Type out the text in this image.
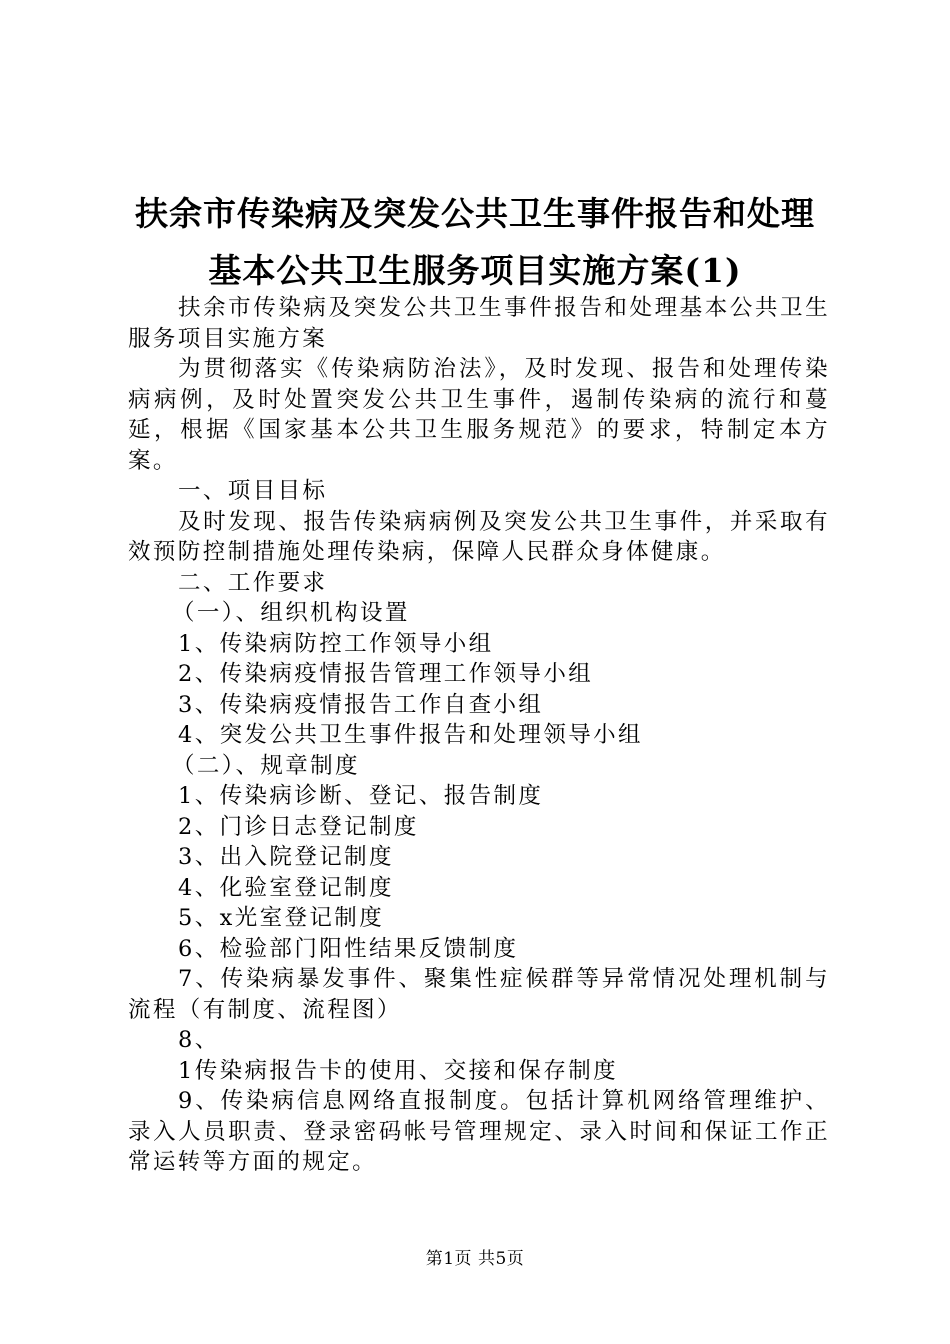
扶余市传染病及突发公共卫生事件报告和处理
基本公共卫生服务项目实施方案(1)

扶余市传染病及突发公共卫生事件报告和处理基本公共卫生服务项目实施方案

为贯彻落实《传染病防治法》，及时发现、报告和处理传染病病例，及时处置突发公共卫生事件，遏制传染病的流行和蔓延，根据《国家基本公共卫生服务规范》的要求，特制定本方案。

一、项目目标

及时发现、报告传染病病例及突发公共卫生事件，并采取有效预防控制措施处理传染病，保障人民群众身体健康。

二、工作要求

（一）、组织机构设置

1、传染病防控工作领导小组

2、传染病疫情报告管理工作领导小组

3、传染病疫情报告工作自查小组

4、突发公共卫生事件报告和处理领导小组

（二）、规章制度

1、传染病诊断、登记、报告制度

2、门诊日志登记制度

3、出入院登记制度

4、化验室登记制度

5、x光室登记制度

6、检验部门阳性结果反馈制度

7、传染病暴发事件、聚集性症候群等异常情况处理机制与流程（有制度、流程图）

8、

1传染病报告卡的使用、交接和保存制度

9、传染病信息网络直报制度。包括计算机网络管理维护、录入人员职责、登录密码帐号管理规定、录入时间和保证工作正常运转等方面的规定。

第1页 共5页
